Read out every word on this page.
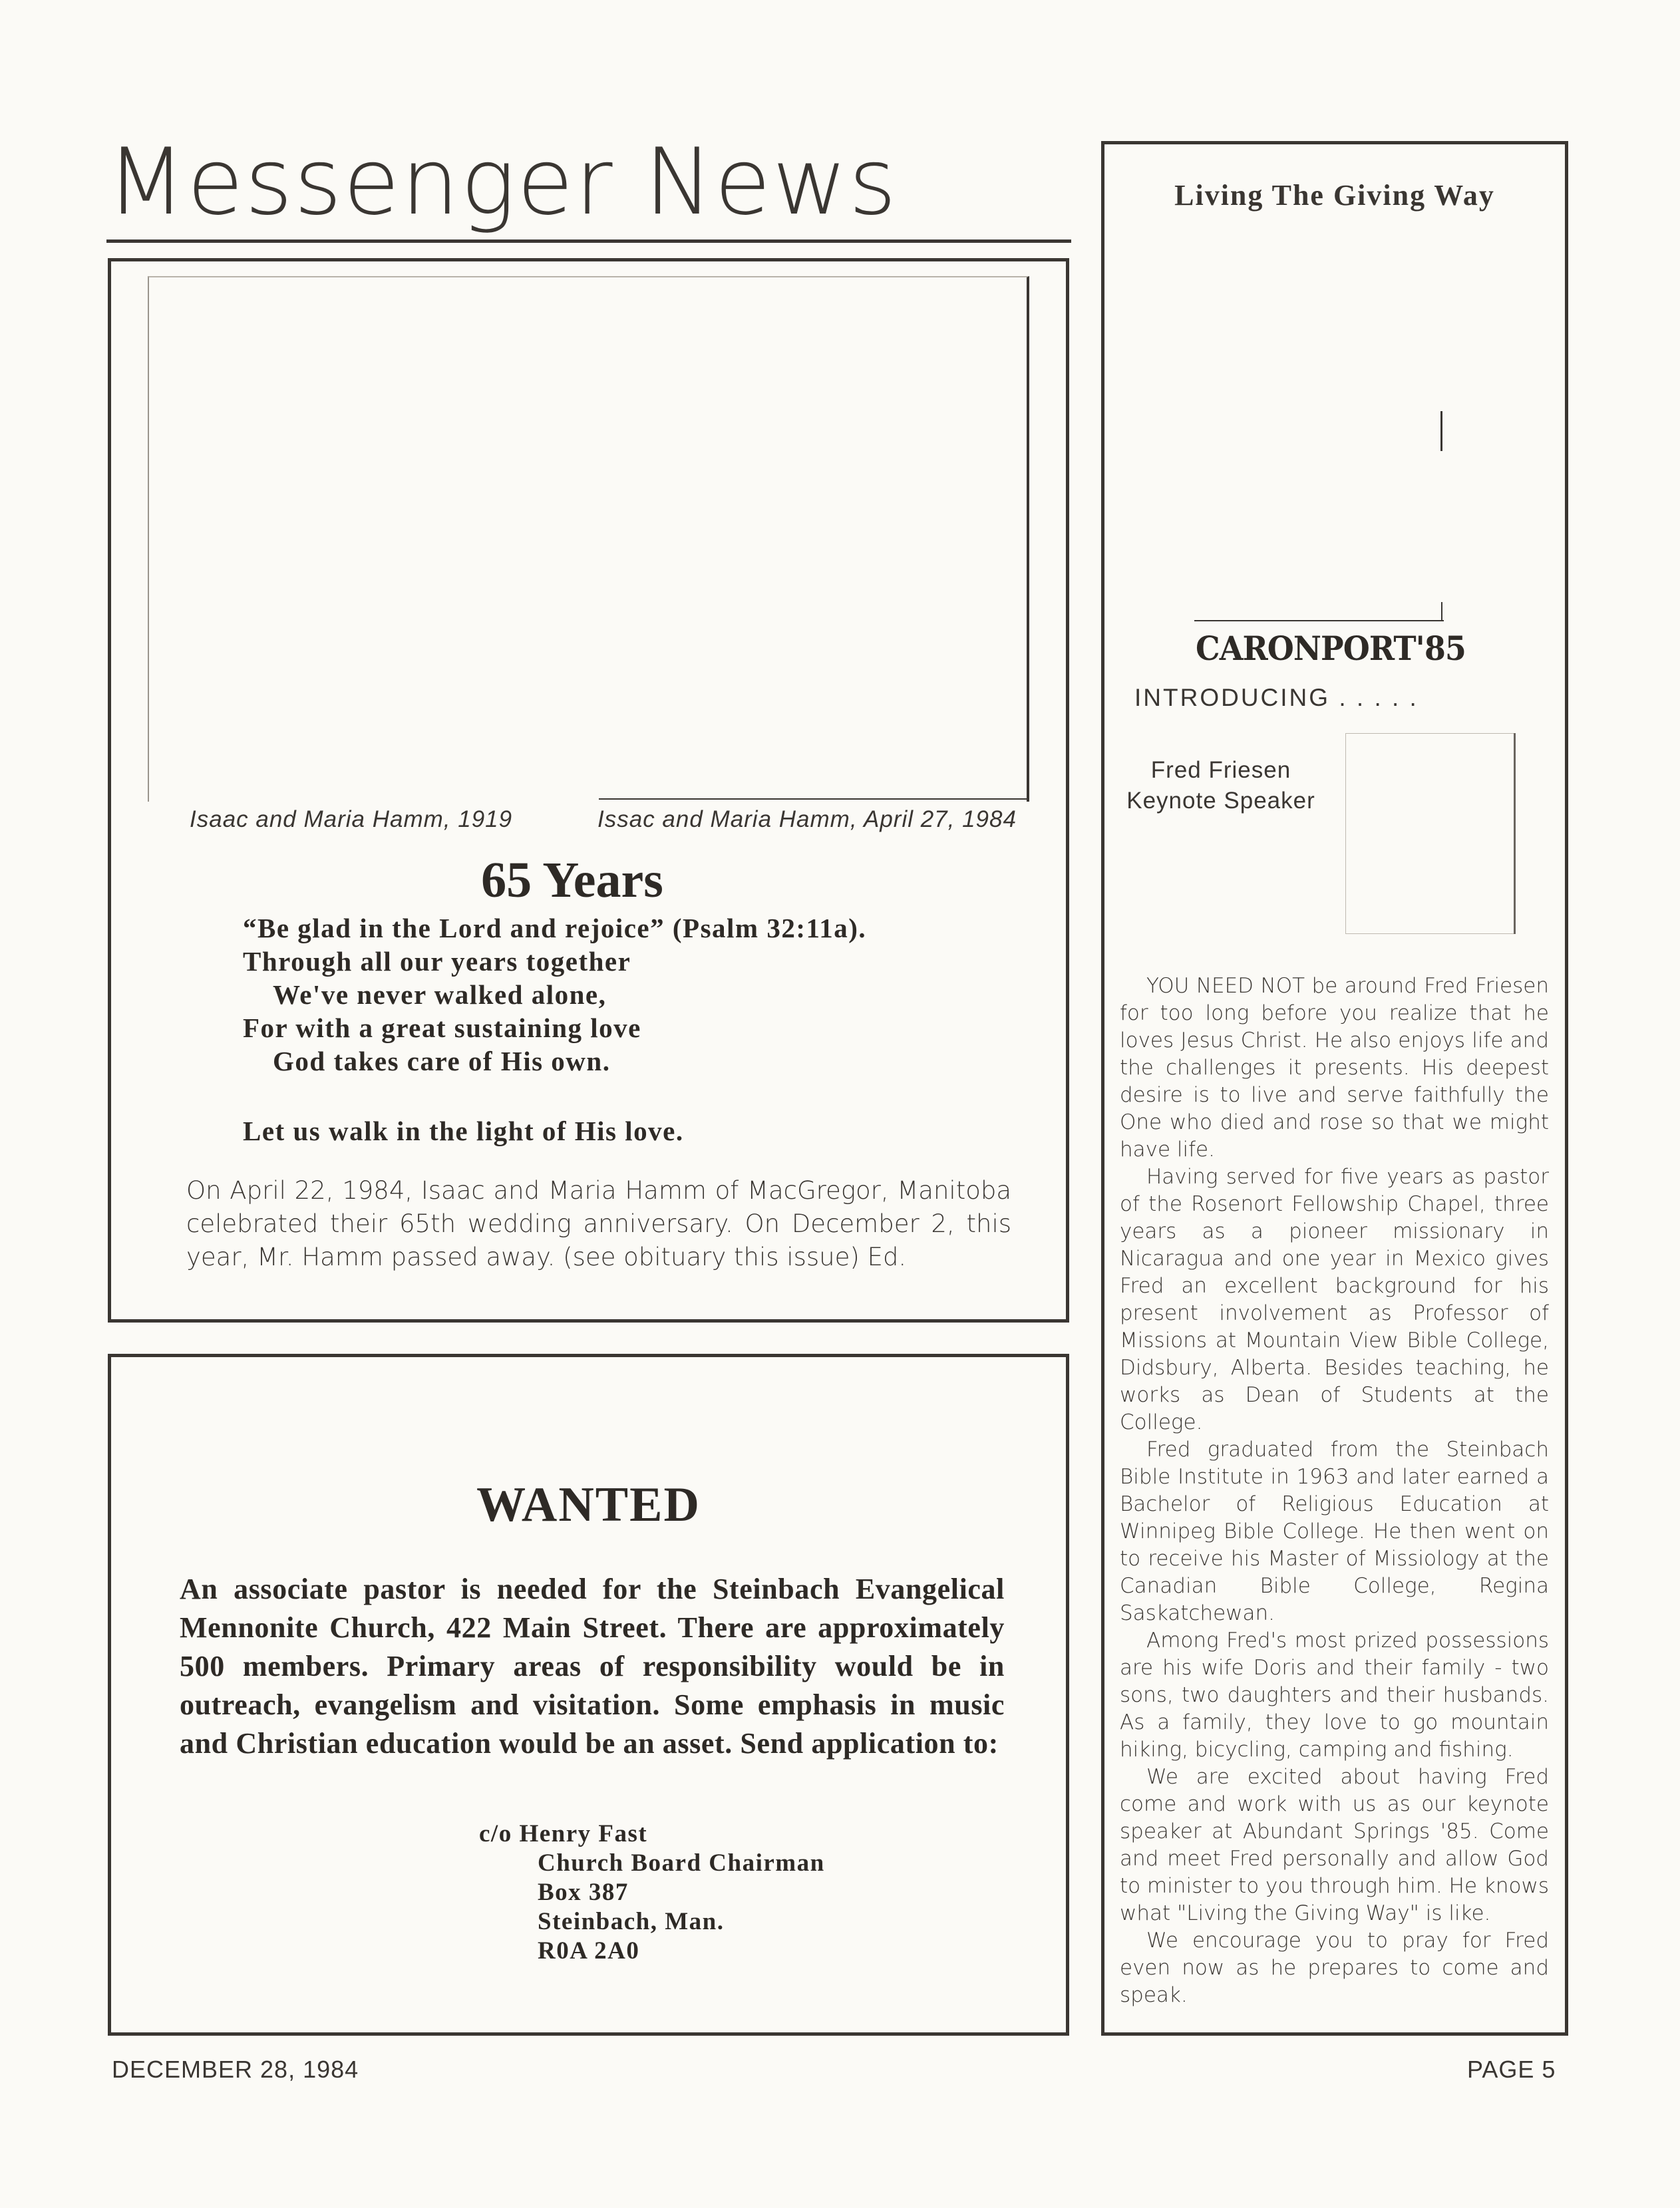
Messenger News
Isaac and Maria Hamm, 1919	Issac and Maria Hamm, April 27, 1984
65 Years
“Be glad in the Lord and rejoice” (Psalm 32:11a).
Through all our years together
We've never walked alone,
For with a great sustaining love
God takes care of His own.
Let us walk in the light of His love.
On April 22, 1984, Isaac and Maria Hamm of MacGregor, Manitoba celebrated their 65th wedding anniversary. On December 2, this year, Mr. Hamm passed away. (see obituary this issue) Ed.
WANTED
An associate pastor is needed for the Steinbach Evangelical Mennonite Church, 422 Main Street. There are approximately 500 members. Primary areas of responsibility would be in outreach, evangelism and visitation. Some emphasis in music and Christian education would be an asset. Send application to:
c/o Henry Fast
Church Board Chairman
Box 387
Steinbach, Man.
R0A 2A0
Living The Giving Way
CARONPORT'85
INTRODUCING . . . . .
Fred Friesen
Keynote Speaker

YOU NEED NOT be around Fred Friesen for too long before you realize that he loves Jesus Christ. He also enjoys life and the challenges it presents. His deepest desire is to live and serve faithfully the One who died and rose so that we might have life.

Having served for five years as pastor of the Rosenort Fellowship Chapel, three years as a pioneer missionary in Nicaragua and one year in Mexico gives Fred an excellent background for his present involvement as Professor of Missions at Mountain View Bible College, Didsbury, Alberta. Besides teaching, he works as Dean of Students at the College.

Fred graduated from the Steinbach Bible Institute in 1963 and later earned a Bachelor of Religious Education at Winnipeg Bible College. He then went on to receive his Master of Missiology at the Canadian Bible College, Regina Saskatchewan.

Among Fred's most prized possessions are his wife Doris and their family - two sons, two daughters and their husbands. As a family, they love to go mountain hiking, bicycling, camping and fishing.

We are excited about having Fred come and work with us as our keynote speaker at Abundant Springs '85. Come and meet Fred personally and allow God to minister to you through him. He knows what "Living the Giving Way" is like.

We encourage you to pray for Fred even now as he prepares to come and speak.

DECEMBER 28, 1984	PAGE 5
